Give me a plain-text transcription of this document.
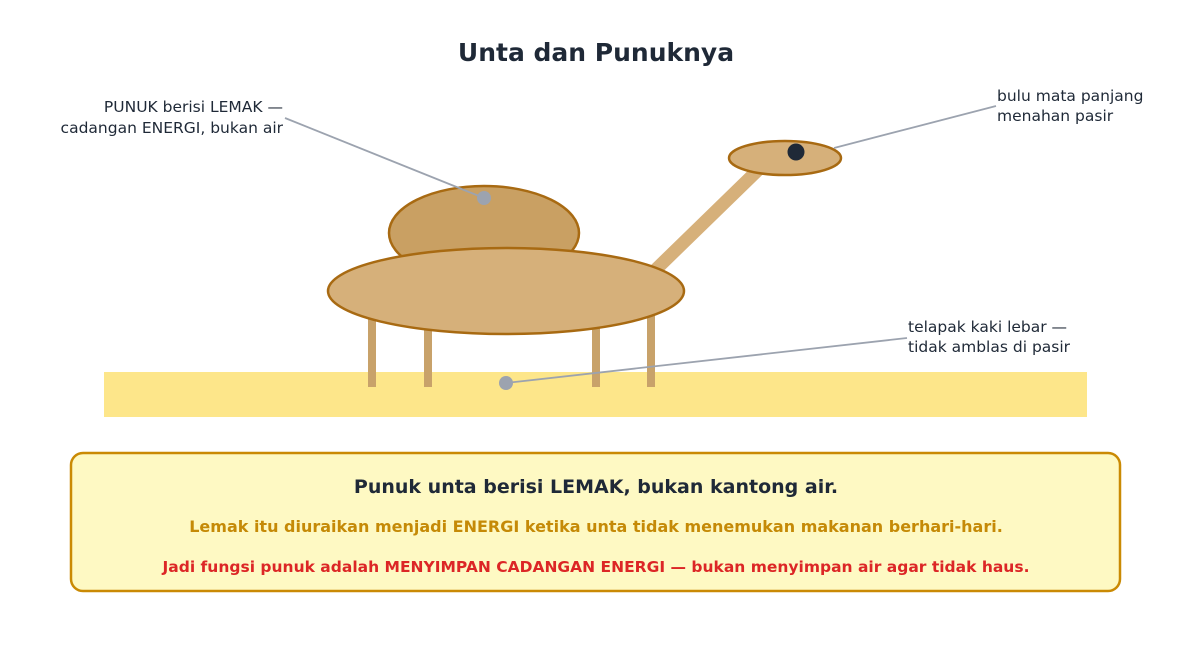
Unta dan Punuknya
PUNUK berisi LEMAK —
cadangan ENERGI, bukan air
bulu mata panjang
menahan pasir
telapak kaki lebar —
tidak amblas di pasir
Punuk unta berisi LEMAK, bukan kantong air.
Lemak itu diuraikan menjadi ENERGI ketika unta tidak menemukan makanan berhari-hari.
Jadi fungsi punuk adalah MENYIMPAN CADANGAN ENERGI — bukan menyimpan air agar tidak haus.
